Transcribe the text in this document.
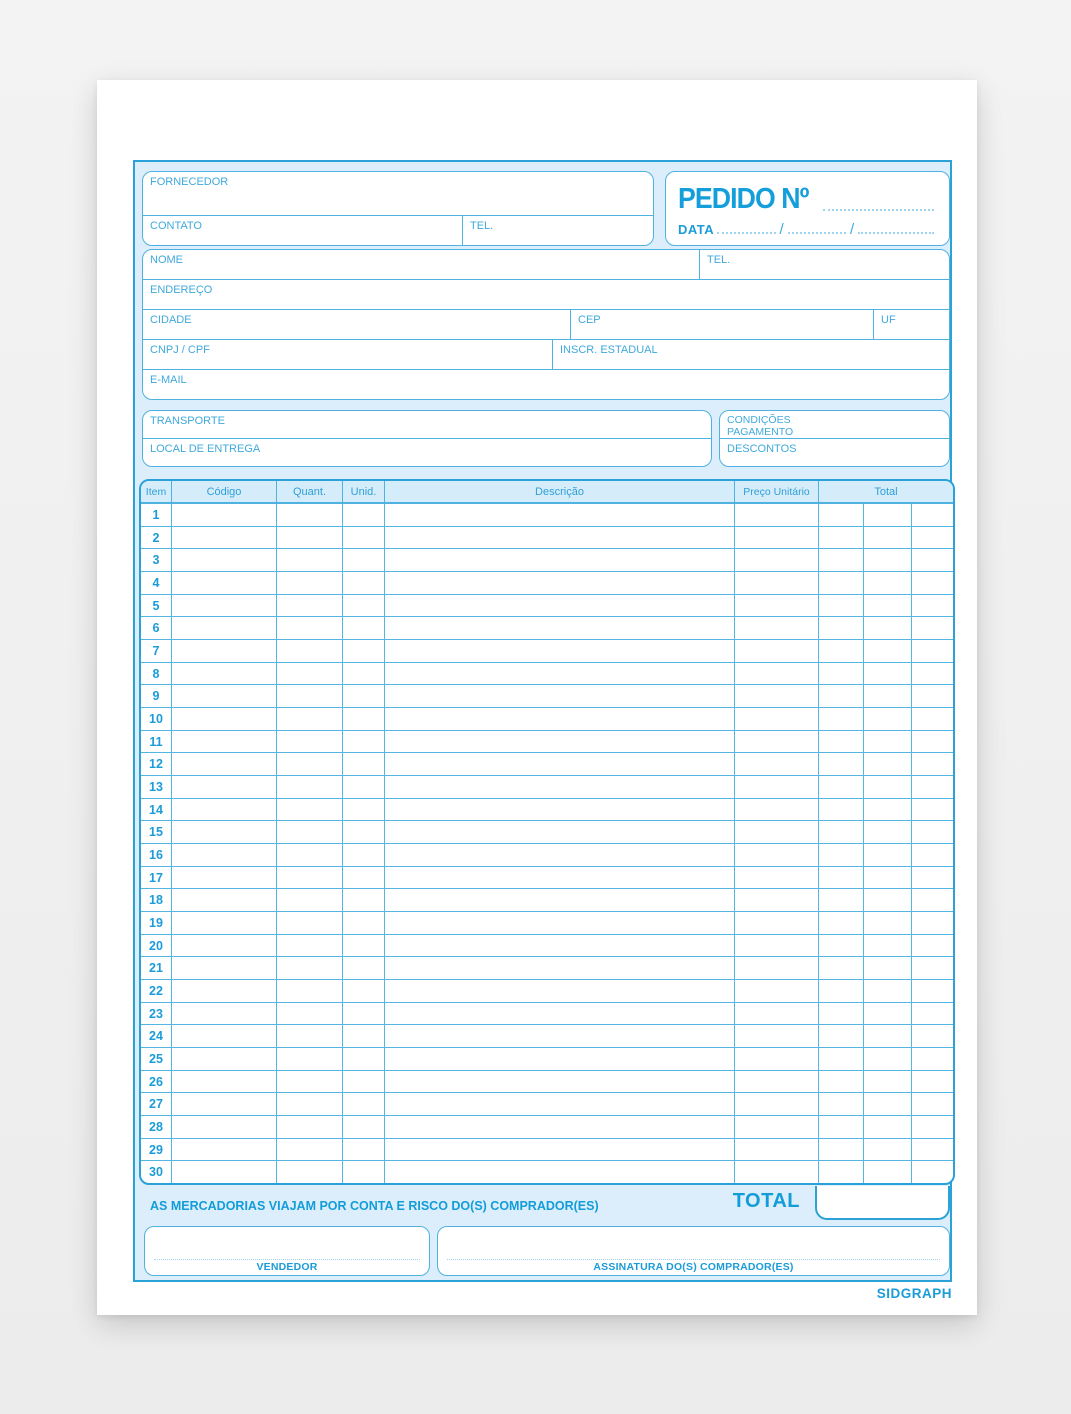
FORNECEDOR
CONTATO	TEL.
PEDIDO Nº
DATA	/	/
NOME	TEL.
ENDEREÇO
CIDADE	CEP	UF
CNPJ / CPF	INSCR. ESTADUAL
E-MAIL
TRANSPORTE
LOCAL DE ENTREGA
CONDIÇÕES
PAGAMENTO
DESCONTOS
Item	Código	Quant.	Unid.	Descrição	Preço Unitário	Total
1
2
3
4
5
6
7
8
9
10
11
12
13
14
15
16
17
18
19
20
21
22
23
24
25
26
27
28
29
30
AS MERCADORIAS VIAJAM POR CONTA E RISCO DO(S) COMPRADOR(ES)	TOTAL
VENDEDOR	ASSINATURA DO(S) COMPRADOR(ES)
SIDGRAPH
